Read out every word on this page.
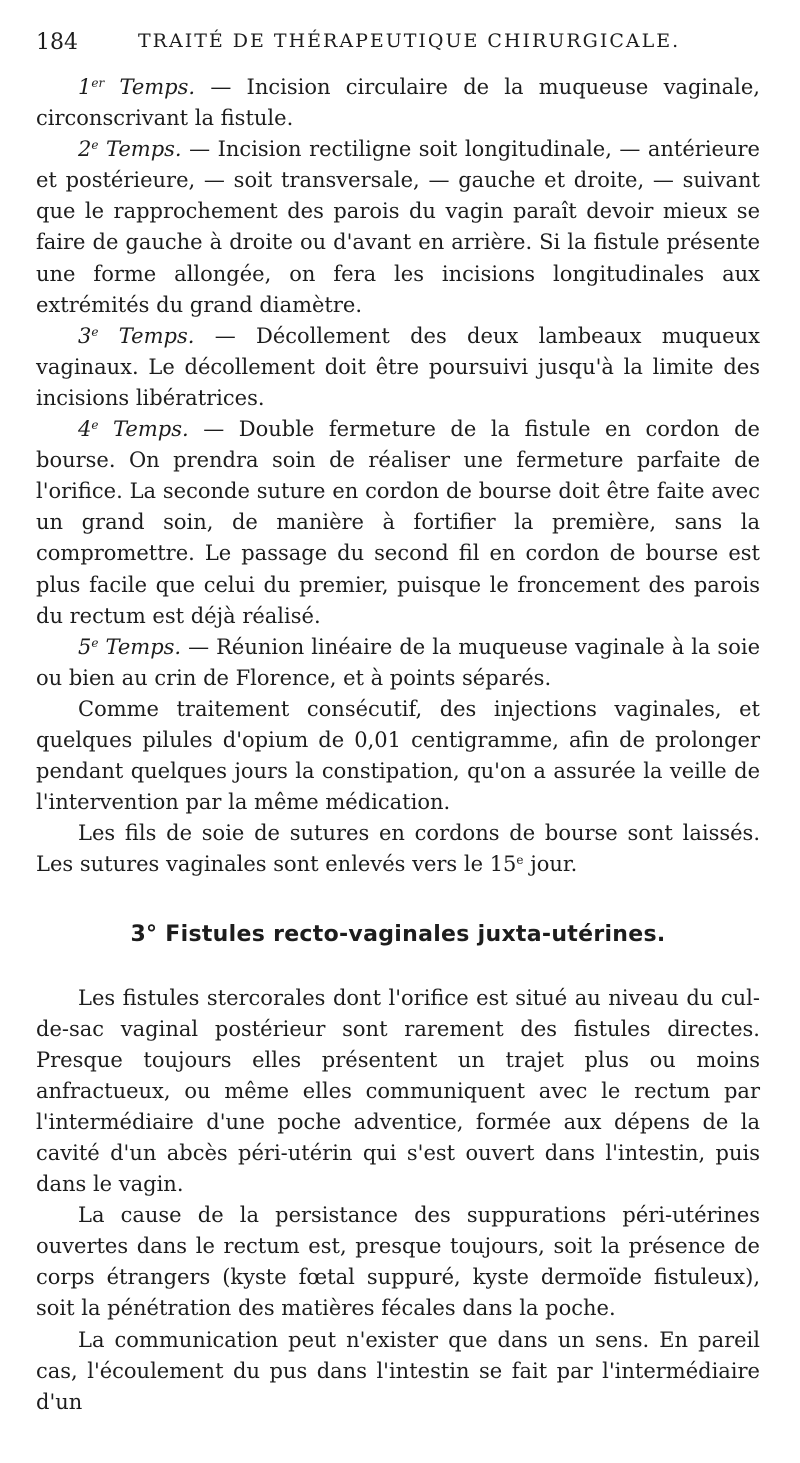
184	TRAITÉ DE THÉRAPEUTIQUE CHIRURGICALE.

1er Temps. — Incision circulaire de la muqueuse vaginale, circonscrivant la fistule.

2e Temps. — Incision rectiligne soit longitudinale, — antérieure et postérieure, — soit transversale, — gauche et droite, — suivant que le rapprochement des parois du vagin paraît devoir mieux se faire de gauche à droite ou d'avant en arrière. Si la fistule présente une forme allongée, on fera les incisions longitudinales aux extrémités du grand diamètre.

3e Temps. — Décollement des deux lambeaux muqueux vaginaux. Le décollement doit être poursuivi jusqu'à la limite des incisions libératrices.

4e Temps. — Double fermeture de la fistule en cordon de bourse. On prendra soin de réaliser une fermeture parfaite de l'orifice. La seconde suture en cordon de bourse doit être faite avec un grand soin, de manière à fortifier la première, sans la compromettre. Le passage du second fil en cordon de bourse est plus facile que celui du premier, puisque le froncement des parois du rectum est déjà réalisé.

5e Temps. — Réunion linéaire de la muqueuse vaginale à la soie ou bien au crin de Florence, et à points séparés.

Comme traitement consécutif, des injections vaginales, et quelques pilules d'opium de 0,01 centigramme, afin de prolonger pendant quelques jours la constipation, qu'on a assurée la veille de l'intervention par la même médication.

Les fils de soie de sutures en cordons de bourse sont laissés. Les sutures vaginales sont enlevés vers le 15e jour.

3° Fistules recto-vaginales juxta-utérines.

Les fistules stercorales dont l'orifice est situé au niveau du cul-de-sac vaginal postérieur sont rarement des fistules directes. Presque toujours elles présentent un trajet plus ou moins anfractueux, ou même elles communiquent avec le rectum par l'intermédiaire d'une poche adventice, formée aux dépens de la cavité d'un abcès péri-utérin qui s'est ouvert dans l'intestin, puis dans le vagin.

La cause de la persistance des suppurations péri-utérines ouvertes dans le rectum est, presque toujours, soit la présence de corps étrangers (kyste fœtal suppuré, kyste dermoïde fistuleux), soit la pénétration des matières fécales dans la poche.

La communication peut n'exister que dans un sens. En pareil cas, l'écoulement du pus dans l'intestin se fait par l'intermédiaire d'un
